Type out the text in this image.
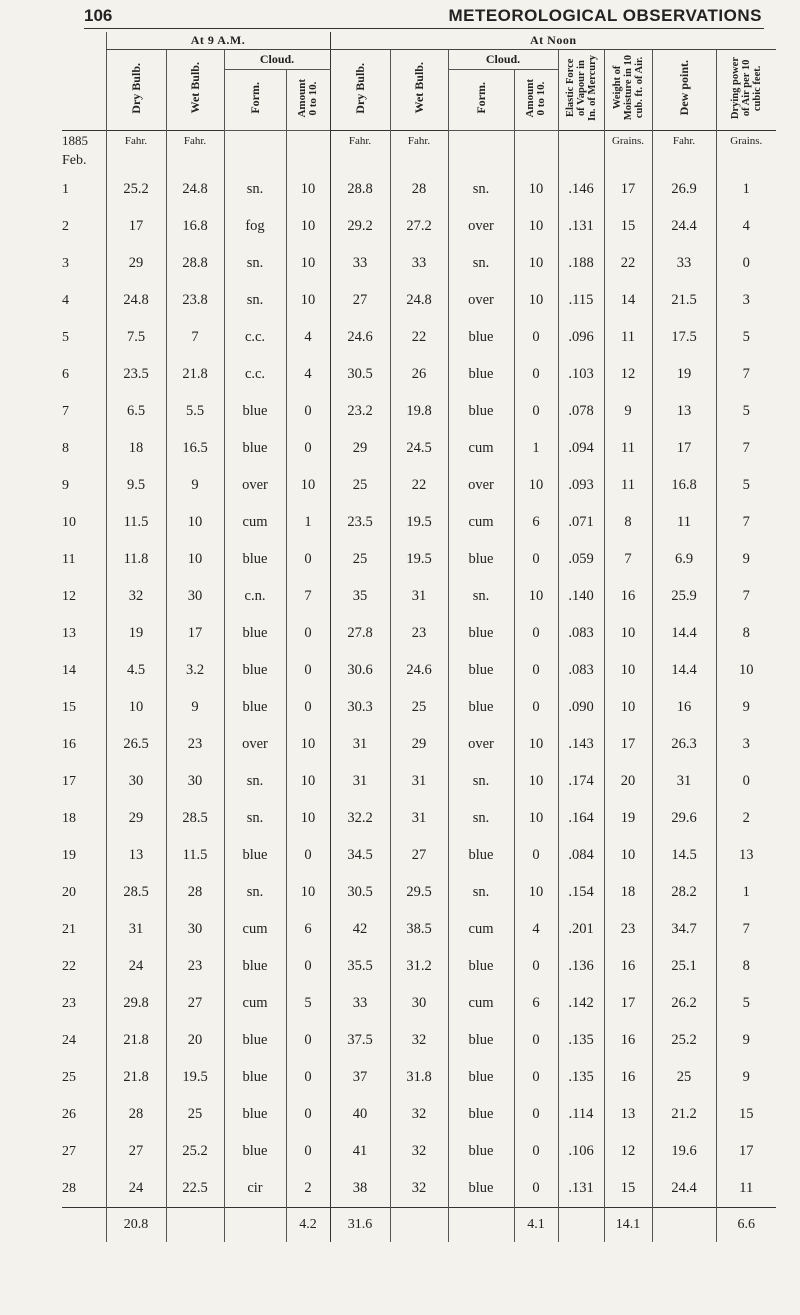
106	METEOROLOGICAL OBSERVATIONS
	At 9 A.M.				At Noon							
	Dry Bulb.	Wet Bulb.	Cloud.		Dry Bulb.	Wet Bulb.	Cloud.		Elastic Force
of Vapour in
In. of Mercury	Weight of
Moisture in 10
cub. ft. of Air.	Dew point.	Drying power
of Air per 10
cubic feet.
			Form.	Amount
0 to 10.			Form.	Amount
0 to 10.				
1885	Fahr.	Fahr.			Fahr.	Fahr.				Grains.	Fahr.	Grains.
Feb.												
1	25.2	24.8	sn.	10	28.8	28	sn.	10	.146	17	26.9	1
2	17	16.8	fog	10	29.2	27.2	over	10	.131	15	24.4	4
3	29	28.8	sn.	10	33	33	sn.	10	.188	22	33	0
4	24.8	23.8	sn.	10	27	24.8	over	10	.115	14	21.5	3
5	7.5	7	c.c.	4	24.6	22	blue	0	.096	11	17.5	5
6	23.5	21.8	c.c.	4	30.5	26	blue	0	.103	12	19	7
7	6.5	5.5	blue	0	23.2	19.8	blue	0	.078	9	13	5
8	18	16.5	blue	0	29	24.5	cum	1	.094	11	17	7
9	9.5	9	over	10	25	22	over	10	.093	11	16.8	5
10	11.5	10	cum	1	23.5	19.5	cum	6	.071	8	11	7
11	11.8	10	blue	0	25	19.5	blue	0	.059	7	6.9	9
12	32	30	c.n.	7	35	31	sn.	10	.140	16	25.9	7
13	19	17	blue	0	27.8	23	blue	0	.083	10	14.4	8
14	4.5	3.2	blue	0	30.6	24.6	blue	0	.083	10	14.4	10
15	10	9	blue	0	30.3	25	blue	0	.090	10	16	9
16	26.5	23	over	10	31	29	over	10	.143	17	26.3	3
17	30	30	sn.	10	31	31	sn.	10	.174	20	31	0
18	29	28.5	sn.	10	32.2	31	sn.	10	.164	19	29.6	2
19	13	11.5	blue	0	34.5	27	blue	0	.084	10	14.5	13
20	28.5	28	sn.	10	30.5	29.5	sn.	10	.154	18	28.2	1
21	31	30	cum	6	42	38.5	cum	4	.201	23	34.7	7
22	24	23	blue	0	35.5	31.2	blue	0	.136	16	25.1	8
23	29.8	27	cum	5	33	30	cum	6	.142	17	26.2	5
24	21.8	20	blue	0	37.5	32	blue	0	.135	16	25.2	9
25	21.8	19.5	blue	0	37	31.8	blue	0	.135	16	25	9
26	28	25	blue	0	40	32	blue	0	.114	13	21.2	15
27	27	25.2	blue	0	41	32	blue	0	.106	12	19.6	17
28	24	22.5	cir	2	38	32	blue	0	.131	15	24.4	11
	20.8			4.2	31.6			4.1		14.1		6.6
